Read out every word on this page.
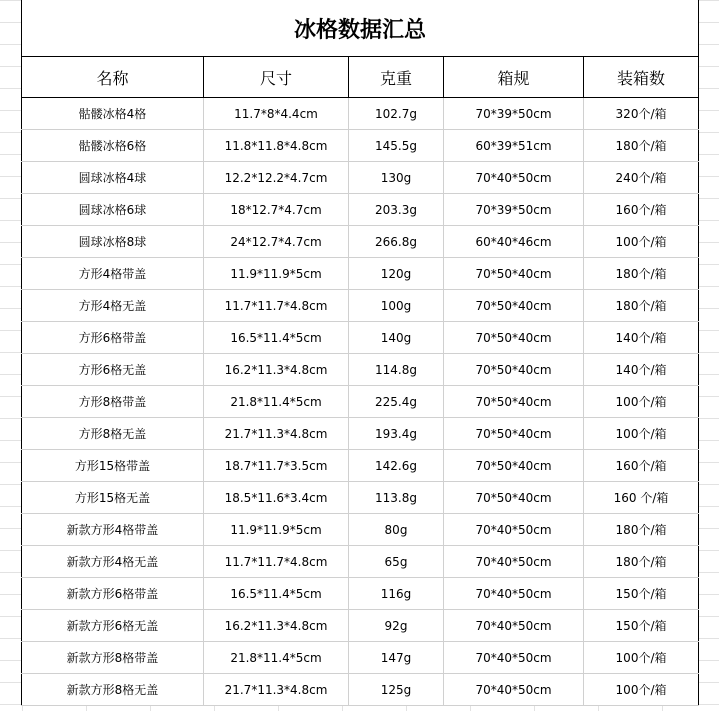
冰格数据汇总				
名称	尺寸	克重	箱规	装箱数
骷髅冰格4格	11.7*8*4.4cm	102.7g	70*39*50cm	320个/箱
骷髅冰格6格	11.8*11.8*4.8cm	145.5g	60*39*51cm	180个/箱
圆球冰格4球	12.2*12.2*4.7cm	130g	70*40*50cm	240个/箱
圆球冰格6球	18*12.7*4.7cm	203.3g	70*39*50cm	160个/箱
圆球冰格8球	24*12.7*4.7cm	266.8g	60*40*46cm	100个/箱
方形4格带盖	11.9*11.9*5cm	120g	70*50*40cm	180个/箱
方形4格无盖	11.7*11.7*4.8cm	100g	70*50*40cm	180个/箱
方形6格带盖	16.5*11.4*5cm	140g	70*50*40cm	140个/箱
方形6格无盖	16.2*11.3*4.8cm	114.8g	70*50*40cm	140个/箱
方形8格带盖	21.8*11.4*5cm	225.4g	70*50*40cm	100个/箱
方形8格无盖	21.7*11.3*4.8cm	193.4g	70*50*40cm	100个/箱
方形15格带盖	18.7*11.7*3.5cm	142.6g	70*50*40cm	160个/箱
方形15格无盖	18.5*11.6*3.4cm	113.8g	70*50*40cm	160 个/箱
新款方形4格带盖	11.9*11.9*5cm	80g	70*40*50cm	180个/箱
新款方形4格无盖	11.7*11.7*4.8cm	65g	70*40*50cm	180个/箱
新款方形6格带盖	16.5*11.4*5cm	116g	70*40*50cm	150个/箱
新款方形6格无盖	16.2*11.3*4.8cm	92g	70*40*50cm	150个/箱
新款方形8格带盖	21.8*11.4*5cm	147g	70*40*50cm	100个/箱
新款方形8格无盖	21.7*11.3*4.8cm	125g	70*40*50cm	100个/箱
